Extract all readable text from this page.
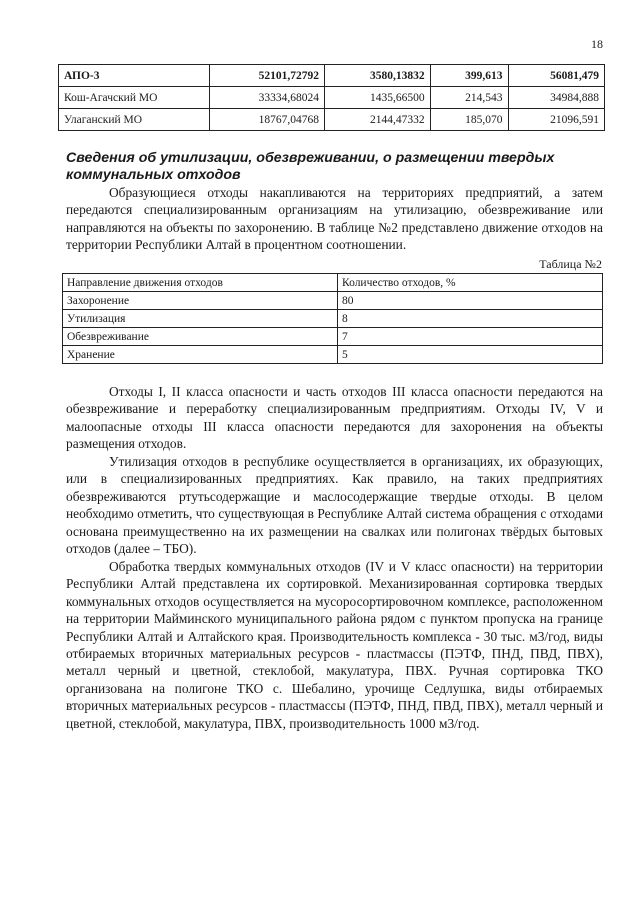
18
АПО-3	52101,72792	3580,13832	399,613	56081,479
Кош-Агачский МО	33334,68024	1435,66500	214,543	34984,888
Улаганский МО	18767,04768	2144,47332	185,070	21096,591
Сведения об утилизации, обезвреживании, о размещении твердых коммунальных отходов

Образующиеся отходы накапливаются на территориях предприятий, а затем передаются специализированным организациям на утилизацию, обезвреживание или направляются на объекты по захоронению. В таблице №2 представлено движение отходов на территории Республики Алтай в процентном соотношении.

Таблица №2
Направление движения отходов	Количество отходов, %
Захоронение	80
Утилизация	8
Обезвреживание	7
Хранение	5

Отходы I, II класса опасности и часть отходов III класса опасности передаются на обезвреживание и переработку специализированным предприятиям. Отходы IV, V и малоопасные отходы III класса опасности передаются для захоронения на объекты размещения отходов.

Утилизация отходов в республике осуществляется в организациях, их образующих, или в специализированных предприятиях. Как правило, на таких предприятиях обезвреживаются ртутьсодержащие и маслосодержащие твердые отходы. В целом необходимо отметить, что существующая в Республике Алтай система обращения с отходами основана преимущественно на их размещении на свалках или полигонах твёрдых бытовых отходов (далее – ТБО).

Обработка твердых коммунальных отходов (IV и V класс опасности) на территории Республики Алтай представлена их сортировкой. Механизированная сортировка твердых коммунальных отходов осуществляется на мусоросортировочном комплексе, расположенном на территории Майминского муниципального района рядом с пунктом пропуска на границе Республики Алтай и Алтайского края. Производительность комплекса - 30 тыс. м3/год, виды отбираемых вторичных материальных ресурсов - пластмассы (ПЭТФ, ПНД, ПВД, ПВХ), металл черный и цветной, стеклобой, макулатура, ПВХ. Ручная сортировка ТКО организована на полигоне ТКО с. Шебалино, урочище Седлушка, виды отбираемых вторичных материальных ресурсов - пластмассы (ПЭТФ, ПНД, ПВД, ПВХ), металл черный и цветной, стеклобой, макулатура, ПВХ, производительность 1000 м3/год.
